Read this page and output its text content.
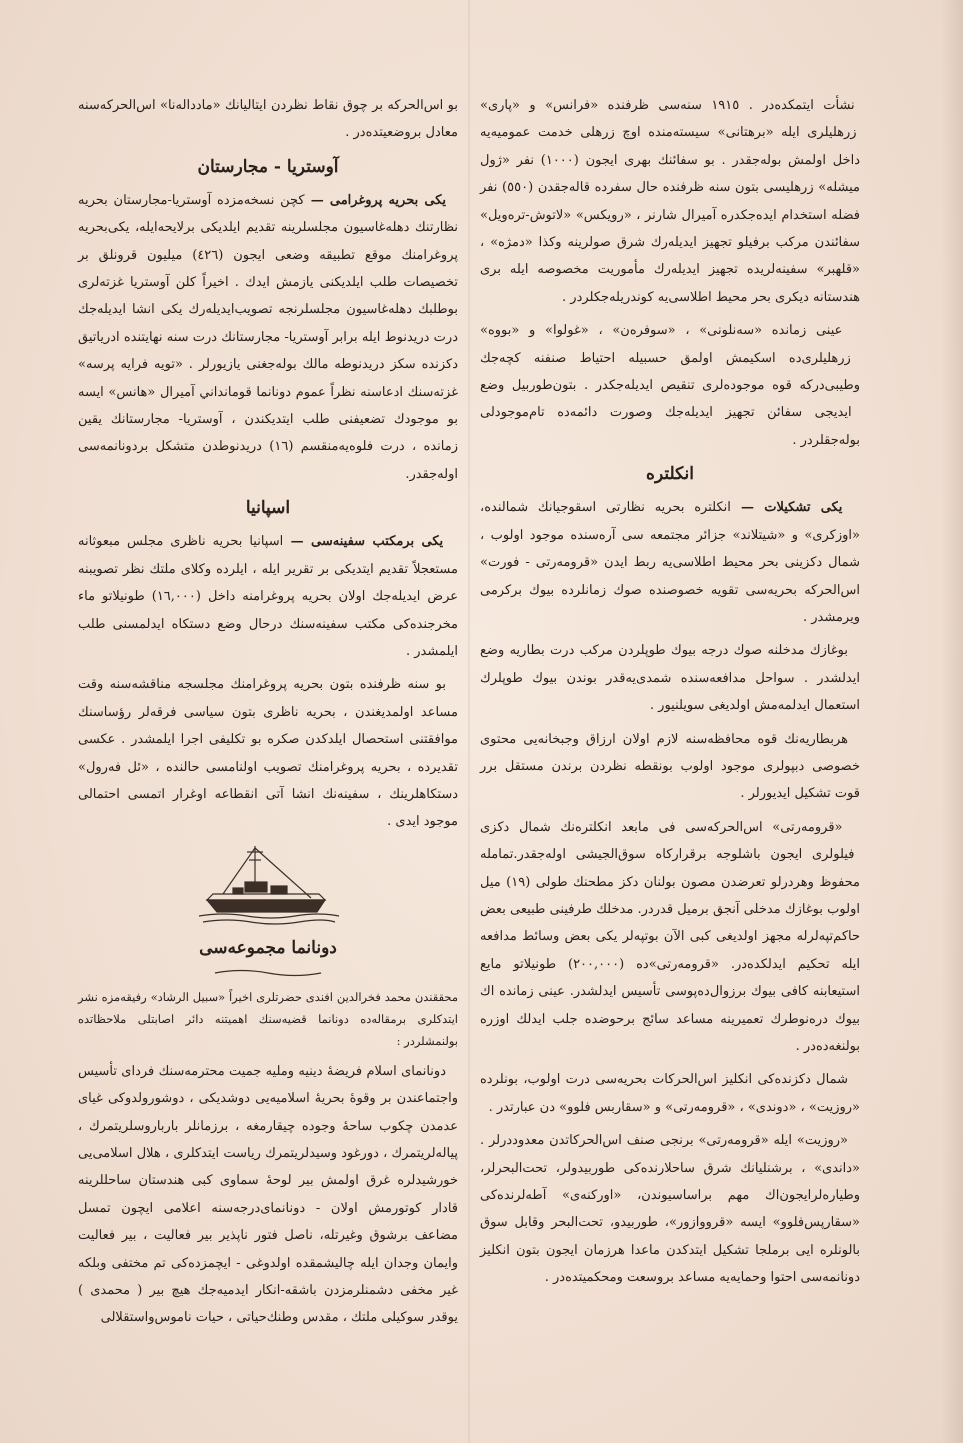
نشأت ایتمکده‌در . ١٩١٥ سنه‌سی ظرفنده «فرانس» و «پاری» زرهلیلری ایله «برهتانی» سیسته‌منده اوچ زرهلی خدمت عمومیه‌یه داخل اولمش بوله‌جقدر . بو سفائنك بهری ایجون (١٠٠٠) نفر «ژول میشله» زرهلیسی بتون سنه ظرفنده حال سفرده قاله‌جقدن (٥٥٠) نفر فضله استخدام ایده‌جکدره آمیرال شارنر ، «رویکس» «لاتوش-تره‌ویل» سفائندن مرکب برفیلو تجهیز ایدیله‌رك شرق صولرینه وکذا «دمژه» ، «قلهبر» سفینه‌لریده تجهیز ایدیله‌رك مأموریت مخصوصه ایله بری هندستانه دیکری بحر محیط اطلاسی‌یه کوندریله‌جکلردر .

عینی زمانده «سه‌نلونی» ، «سوفره‌ن» ، «غولوا» و «بووه» زرهلیلری‌ده اسکیمش اولمق حسبیله احتیاط صنفنه کچه‌جك وطیبی‌درکه قوه موجوده‌لری تنقیص ایدیله‌جکدر . بتون‌طوربیل وضع ایدیجی سفائن تجهیز ایدیله‌جك وصورت دائمه‌ده تام‌موجودلی بوله‌جقلردر .

انکلتره

یکی تشکیلات — انکلتره بحریه نظارتی اسقوجیانك شمالنده‌، «اوزکری» و «شیتلاند» جزائر مجتمعه سی آره‌سنده موجود اولوب ، شمال دکزینی بحر محیط اطلاسی‌یه ربط ایدن «قرومه‌رتی - فورت» اس‌الحرکه بحریه‌سی تقویه خصوصنده صوك زمانلرده بیوك برکرمی ویرمشدر .

بوغازك مدخلنه صوك درجه بیوك طوپلردن مرکب درت بطاریه وضع ایدلشدر . سواحل مدافعه‌سنده شمدی‌یه‌قدر بوندن بیوك طوپلرك استعمال ایدلمه‌مش اولدیغی سویلنیور .

هربطاریه‌نك قوه محافظه‌سنه لازم اولان ارزاق وجبخانه‌یی محتوی خصوصی دبپولری موجود اولوب بونقطه نظردن برندن مستقل برر قوت تشکیل ایدیورلر .

«قرومه‌رتی» اس‌الحرکه‌سی فی مابعد انکلتره‌نك شمال دکزی فیلولری ایجون باشلوجه برقرارکاه سوق‌الجیشی اوله‌جقدر.تمامله محفوظ وهردرلو تعرضدن مصون بولنان دکز مطحنك طولی (١٩) میل اولوب بوغازك مدخلی آنجق برمیل قدردر. مدخلك طرفینی طبیعی بعض حاکم‌تپه‌لرله مجهز اولدیغی کبی الآن بوتپه‌لر یکی بعض وسائط مدافعه ایله تحکیم ایدلکده‌در. «قرومه‌رتی»ده (٢٠٠,٠٠٠) طونیلاتو مایع استیعابنه کافی بیوك برزوال‌ده‌پوسی تأسیس ایدلشدر. عینی زمانده اك بیوك دره‌نوطرك تعمیرینه مساعد سائج برحوضده جلب ایدلك اوزره بولنغه‌ده‌در .

شمال دکزنده‌کی انکلیز اس‌الحرکات بحریه‌سی درت اولوب، بونلرده «روزیت» ، «دوندی» ، «قرومه‌رتی» و «سقاربس فلوو» دن عبارتدر .

«روزیت» ایله «قرومه‌رتی» برنجی صنف اس‌الحرکاتدن معدوددرلر . «داندی» ، برشنلیانك شرق ساحلارنده‌کی طوربیدولر، تحت‌البحرلر، وطیاره‌لر‌ایجون‌اك مهم براساسیوندن، «اورکنه‌ی» آطه‌لرنده‌کی «سقارپس‌فلوو» ایسه «قرووازور»، طوربیدو، تحت‌البحر وقابل سوق بالونلره ایی برملجا تشکیل ایتدکدن ماعدا هرزمان ایجون بتون انکلیز دونانمه‌سی احتوا وحمایه‌یه مساعد بروسعت ومحکمیتده‌در .

بو اس‌الحرکه بر چوق نقاط نظردن ایتالیانك «مادداله‌نا» اس‌الحرکه‌سنه معادل بروضعیتده‌در .

آوستریا - مجارستان

یکی بحریه پروغرامی — کچن نسخه‌مزده آوستریا-مجارستان بحریه نظارتنك دهله‌غاسیون مجلسلرینه تقدیم ایلدیکی برلایحه‌ایله، یکی‌بحریه پروغرامنك موقع تطبیقه وضعی ایجون (٤٢٦) میلیون قرونلق بر تخصیصات طلب ایلدیکنی یازمش ایدك . اخیراً کلن آوستریا غزته‌لری بوطلبك دهله‌غاسیون مجلسلرنجه تصویب‌ایدیله‌رك یکی انشا ایدیله‌جك درت دریدنوط ایله برابر آوستریا- مجارستانك درت سنه نهایتنده ادریاتیق دکزنده سکز دریدنوطه مالك بوله‌جغنی یازیورلر . «تویه فرایه پرسه» غزته‌سنك ادعاسنه نظراً عموم دونانما قومانداني آمیرال «هانس» ایسه بو موجودك تضعیفنی طلب ایتدیکندن ، آوستریا- مجارستانك یقین زمانده ، درت فلوه‌یه‌منقسم (١٦) دریدنوطدن متشکل بردونانمه‌سی اوله‌جقدر.

اسپانیا

یکی برمکتب سفینه‌سی — اسپانیا بحریه ناظری مجلس مبعوثانه مستعجلاً تقدیم ایتدیکی بر تقریر ایله ، ایلرده وکلای ملتك نظر تصویبنه عرض ایدیله‌جك اولان بحریه پروغرامنه داخل (١٦,٠٠٠) طونیلاتو ماء مخرجنده‌کی مکتب سفینه‌سنك درحال وضع دستکاه ایدلمسنی طلب ایلمشدر .

بو سنه ظرفنده بتون بحریه پروغرامنك مجلسجه مناقشه‌سنه وقت مساعد اولمدیغندن ، بحریه ناظری بتون سیاسی فرقه‌لر رؤساسنك موافقتنی استحصال ایلدکدن صکره بو تکلیفی اجرا ایلمشدر . عکسی تقدیرده ، بحریه پروغرامنك تصویب اولنامسی حالنده ، «ئل فه‌رول» دستکاهلرینك ، سفینه‌نك انشا آتی انقطاعه اوغرار اتمسی احتمالی موجود ایدی .

دونانما مجموعه‌سی

محققندن محمد فخرالدین افندی حضرتلری اخیراً «سبیل الرشاد» رفیقه‌مزه نشر ایتدکلری برمقاله‌ده دونانما قضیه‌سنك اهمیتنه دائر اصابتلی ملاحظاتده بولنمشلردر :

دونانمای اسلام فریضهٔ دینیه وملیه جمیت محترمه‌سنك فردای تأسیس واجتماعندن بر وقوۀ بحریهٔ اسلامیه‌یی دوشدیکی ، دوشورولدوکی غیای عدمدن چکوب ساحهٔ وجوده چیقارمغه ، برزمانلر بارباروسلر‌یتمرك ، پیاله‌لر‌یتمرك ، دورغود وسیدلریتمرك ریاست ایتدکلری ، هلال اسلامی‌یی خورشیدلره غرق اولمش بیر لوحهٔ سماوی کبی هندستان ساحللرینه قادار کوتورمش اولان - دونانمای‌درجه‌سنه اعلامی ایچون تمسل مضاعف برشوق وغیرتله، ناصل فتور ناپذیر بیر فعالیت ، بیر فعالیت وایمان وجدان ایله چالیشمقده اولدوغی - ایچمزده‌کی تم مختفی وبلکه غیر مخفی دشمنلرمزدن باشقه‌-انکار ایدمیه‌جك هیچ بیر ( محمدی ) یوقدر سوکیلی ملتك ، مقدس وطنك‌حیاتی ، حیات ناموس‌واستقلالی
